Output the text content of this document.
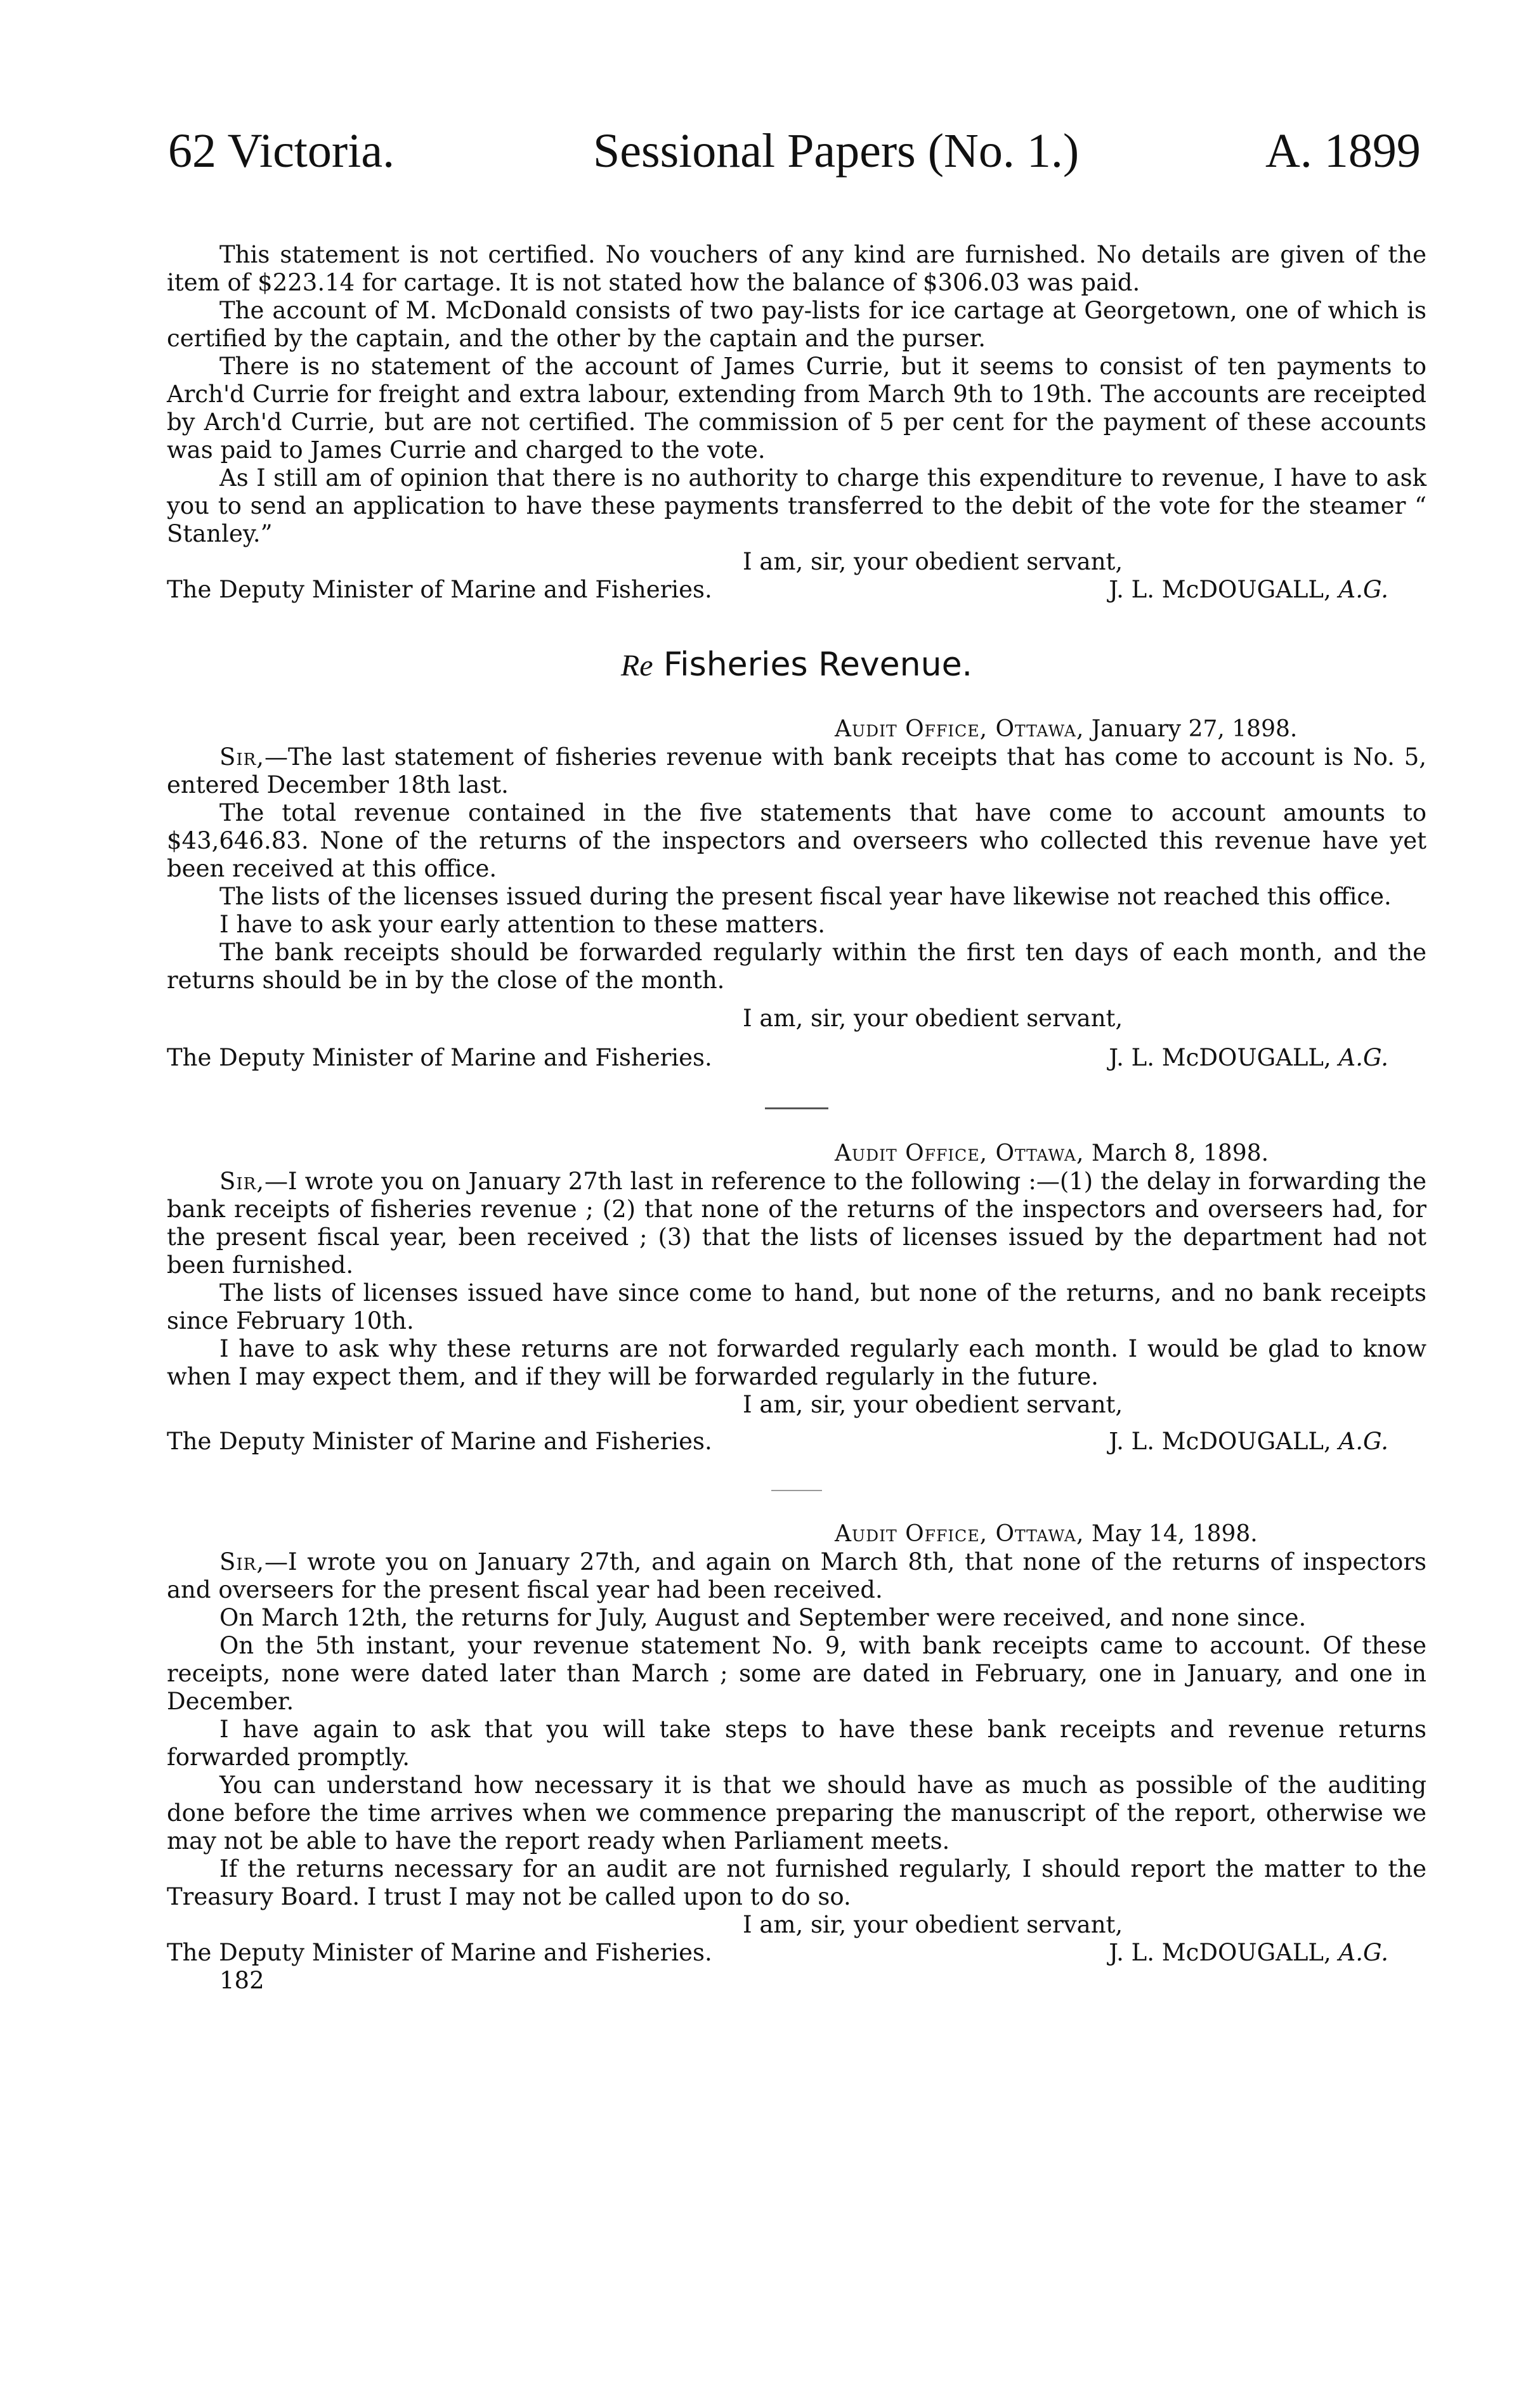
62 Victoria.	Sessional Papers (No. 1.)	A. 1899

This statement is not certified. No vouchers of any kind are furnished. No details are given of the item of $223.14 for cartage. It is not stated how the balance of $306.03 was paid.

The account of M. McDonald consists of two pay-lists for ice cartage at Georgetown, one of which is certified by the captain, and the other by the captain and the purser.

There is no statement of the account of James Currie, but it seems to consist of ten payments to Arch'd Currie for freight and extra labour, extending from March 9th to 19th. The accounts are receipted by Arch'd Currie, but are not certified. The commission of 5 per cent for the payment of these accounts was paid to James Currie and charged to the vote.

As I still am of opinion that there is no authority to charge this expenditure to revenue, I have to ask you to send an application to have these payments transferred to the debit of the vote for the steamer “ Stanley.”

I am, sir, your obedient servant,

The Deputy Minister of Marine and Fisheries.	J. L. McDOUGALL, A.G.
Re Fisheries Revenue.

Audit Office, Ottawa, January 27, 1898.

Sir,—The last statement of fisheries revenue with bank receipts that has come to account is No. 5, entered December 18th last.

The total revenue contained in the five statements that have come to account amounts to $43,646.83. None of the returns of the inspectors and overseers who collected this revenue have yet been received at this office.

The lists of the licenses issued during the present fiscal year have likewise not reached this office.

I have to ask your early attention to these matters.

The bank receipts should be forwarded regularly within the first ten days of each month, and the returns should be in by the close of the month.

I am, sir, your obedient servant,

The Deputy Minister of Marine and Fisheries.	J. L. McDOUGALL, A.G.

Audit Office, Ottawa, March 8, 1898.

Sir,—I wrote you on January 27th last in reference to the following :—(1) the delay in forwarding the bank receipts of fisheries revenue ; (2) that none of the returns of the inspectors and overseers had, for the present fiscal year, been received ; (3) that the lists of licenses issued by the department had not been furnished.

The lists of licenses issued have since come to hand, but none of the returns, and no bank receipts since February 10th.

I have to ask why these returns are not forwarded regularly each month. I would be glad to know when I may expect them, and if they will be forwarded regularly in the future.

I am, sir, your obedient servant,

The Deputy Minister of Marine and Fisheries.	J. L. McDOUGALL, A.G.

Audit Office, Ottawa, May 14, 1898.

Sir,—I wrote you on January 27th, and again on March 8th, that none of the returns of inspectors and overseers for the present fiscal year had been received.

On March 12th, the returns for July, August and September were received, and none since.

On the 5th instant, your revenue statement No. 9, with bank receipts came to account. Of these receipts, none were dated later than March ; some are dated in February, one in January, and one in December.

I have again to ask that you will take steps to have these bank receipts and revenue returns forwarded promptly.

You can understand how necessary it is that we should have as much as possible of the auditing done before the time arrives when we commence preparing the manuscript of the report, otherwise we may not be able to have the report ready when Parliament meets.

If the returns necessary for an audit are not furnished regularly, I should report the matter to the Treasury Board. I trust I may not be called upon to do so.

I am, sir, your obedient servant,

The Deputy Minister of Marine and Fisheries.	J. L. McDOUGALL, A.G.

182
